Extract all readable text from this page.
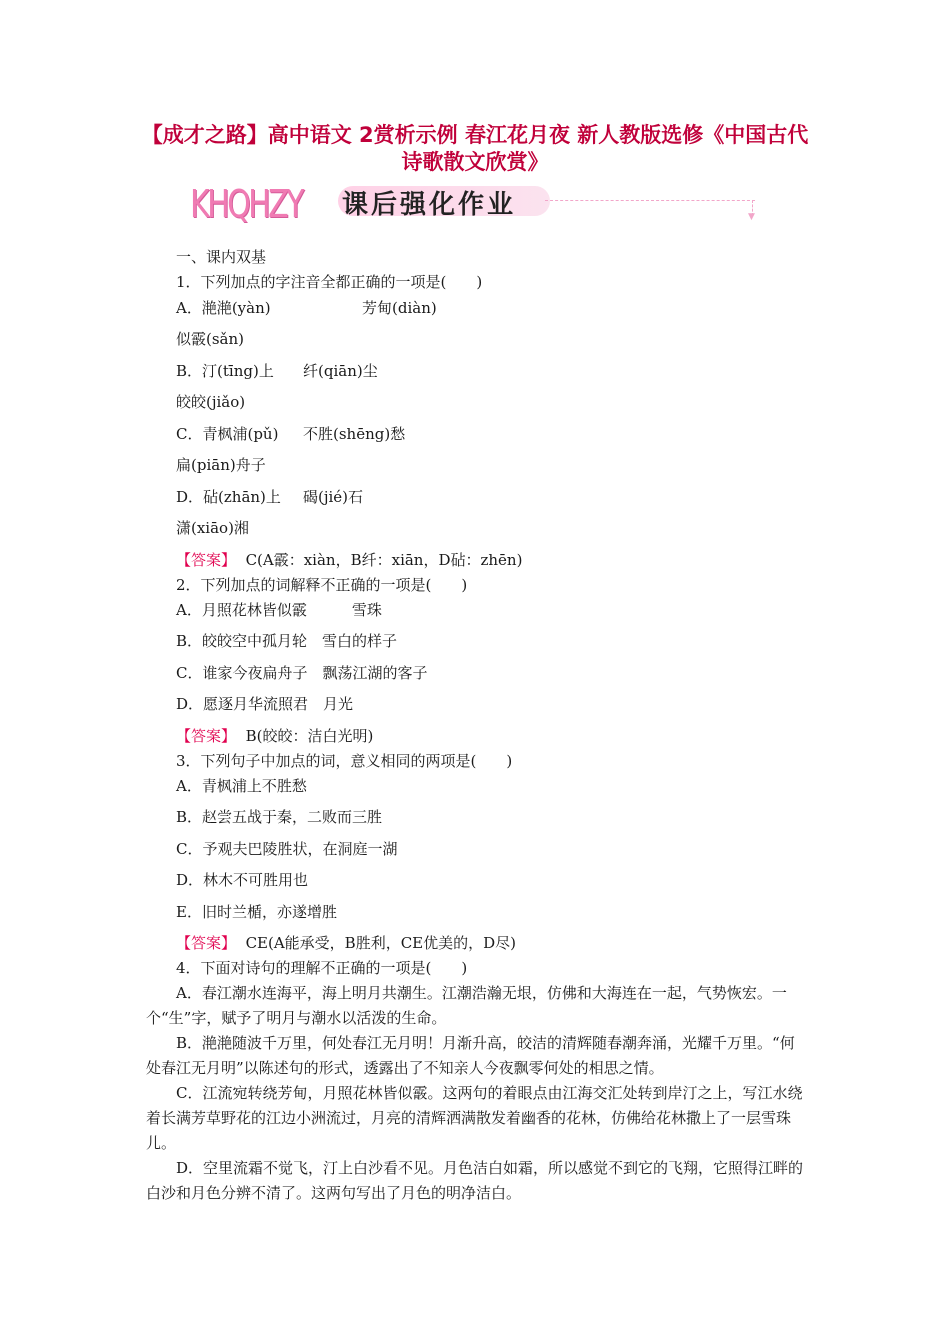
【成才之路】高中语文 2赏析示例 春江花月夜 新人教版选修《中国古代诗歌散文欣赏》
KHQHZY 课后强化作业	▼
一、课内双基
1．下列加点的字注音全都正确的一项是(　　)
A．滟滟(yàn)	芳甸(diàn)
似霰(sǎn)
B．汀(tīng)上 纤(qiān)尘
皎皎(jiǎo)
C．青枫浦(pǔ) 不胜(shēng)愁
扁(piān)舟子
D．砧(zhān)上 碣(jié)石
潇(xiāo)湘
【答案】 C(A霰：xiàn，B纤：xiān，D砧：zhēn)
2．下列加点的词解释不正确的一项是(　　)
A．月照花林皆似霰　　　雪珠
B．皎皎空中孤月轮　雪白的样子
C．谁家今夜扁舟子　飘荡江湖的客子
D．愿逐月华流照君　月光
【答案】 B(皎皎：洁白光明)
3．下列句子中加点的词，意义相同的两项是(　　)
A．青枫浦上不胜愁
B．赵尝五战于秦，二败而三胜
C．予观夫巴陵胜状，在洞庭一湖
D．林木不可胜用也
E．旧时兰楯，亦遂增胜
【答案】 CE(A能承受，B胜利，CE优美的，D尽)
4．下面对诗句的理解不正确的一项是(　　)
A．春江潮水连海平，海上明月共潮生。江潮浩瀚无垠，仿佛和大海连在一起，气势恢宏。一个“生”字，赋予了明月与潮水以活泼的生命。
B．滟滟随波千万里，何处春江无月明！月渐升高，皎洁的清辉随春潮奔涌，光耀千万里。“何处春江无月明”以陈述句的形式，透露出了不知亲人今夜飘零何处的相思之情。
C．江流宛转绕芳甸，月照花林皆似霰。这两句的着眼点由江海交汇处转到岸汀之上，写江水绕着长满芳草野花的江边小洲流过，月亮的清辉洒满散发着幽香的花林，仿佛给花林撒上了一层雪珠儿。
D．空里流霜不觉飞，汀上白沙看不见。月色洁白如霜，所以感觉不到它的飞翔，它照得江畔的白沙和月色分辨不清了。这两句写出了月色的明净洁白。
